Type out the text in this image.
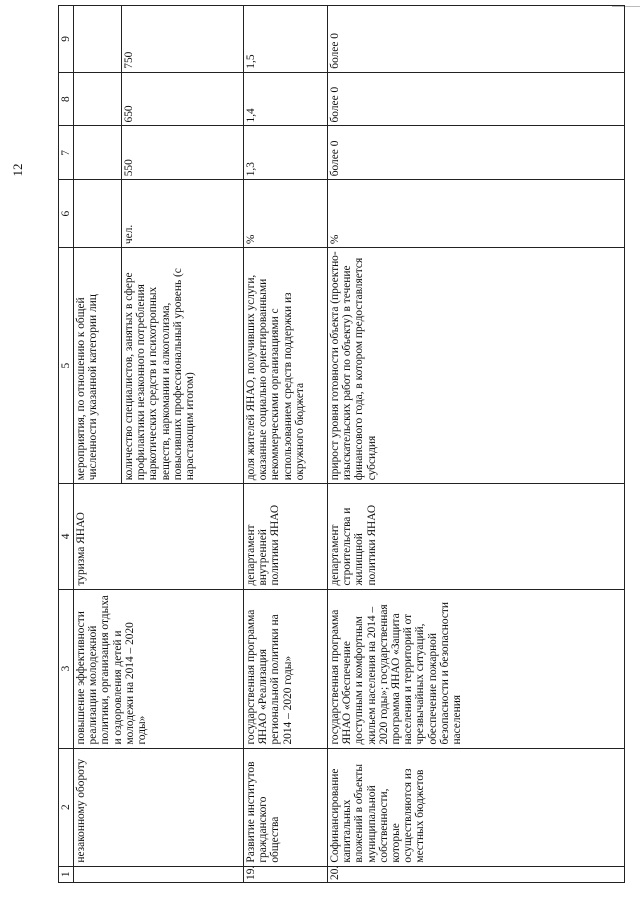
12
1	2	3	4	5	6	7	8	9
	незаконному обороту	повышение эффективности реализации молодежной политики, организация отдыха и оздоровления детей и молодежи на 2014 – 2020 годы»	туризма ЯНАО	мероприятия, по отношению к общей численности указанной категории лиц				
				количество специалистов, занятых в сфере профилактики незаконного потребления наркотических средств и психотропных веществ, наркомании и алкоголизма, повысивших профессиональный уровень (с нарастающим итогом)	чел.	550	650	750
19.	Развитие институтов гражданского общества	государственная программа ЯНАО «Реализация региональной политики на 2014 – 2020 годы»	департамент внутренней политики ЯНАО	доля жителей ЯНАО, получивших услуги, оказанные социально ориентированными некоммерческими организациями с использованием средств поддержки из окружного бюджета	%	1,3	1,4	1,5
20.	Софинансирование капитальных вложений в объекты муниципальной собственности, которые осуществляются из местных бюджетов	государственная программа ЯНАО «Обеспечение доступным и комфортным жильем населения на 2014 – 2020 годы»; государственная программа ЯНАО «Защита населения и территорий от чрезвычайных ситуаций, обеспечение пожарной безопасности и безопасности населения	департамент строительства и жилищной политики ЯНАО	прирост уровня готовности объекта (проектно-изыскательских работ по объекту) в течение финансового года, в котором предоставляется субсидия	%	более 0	более 0	более 0
